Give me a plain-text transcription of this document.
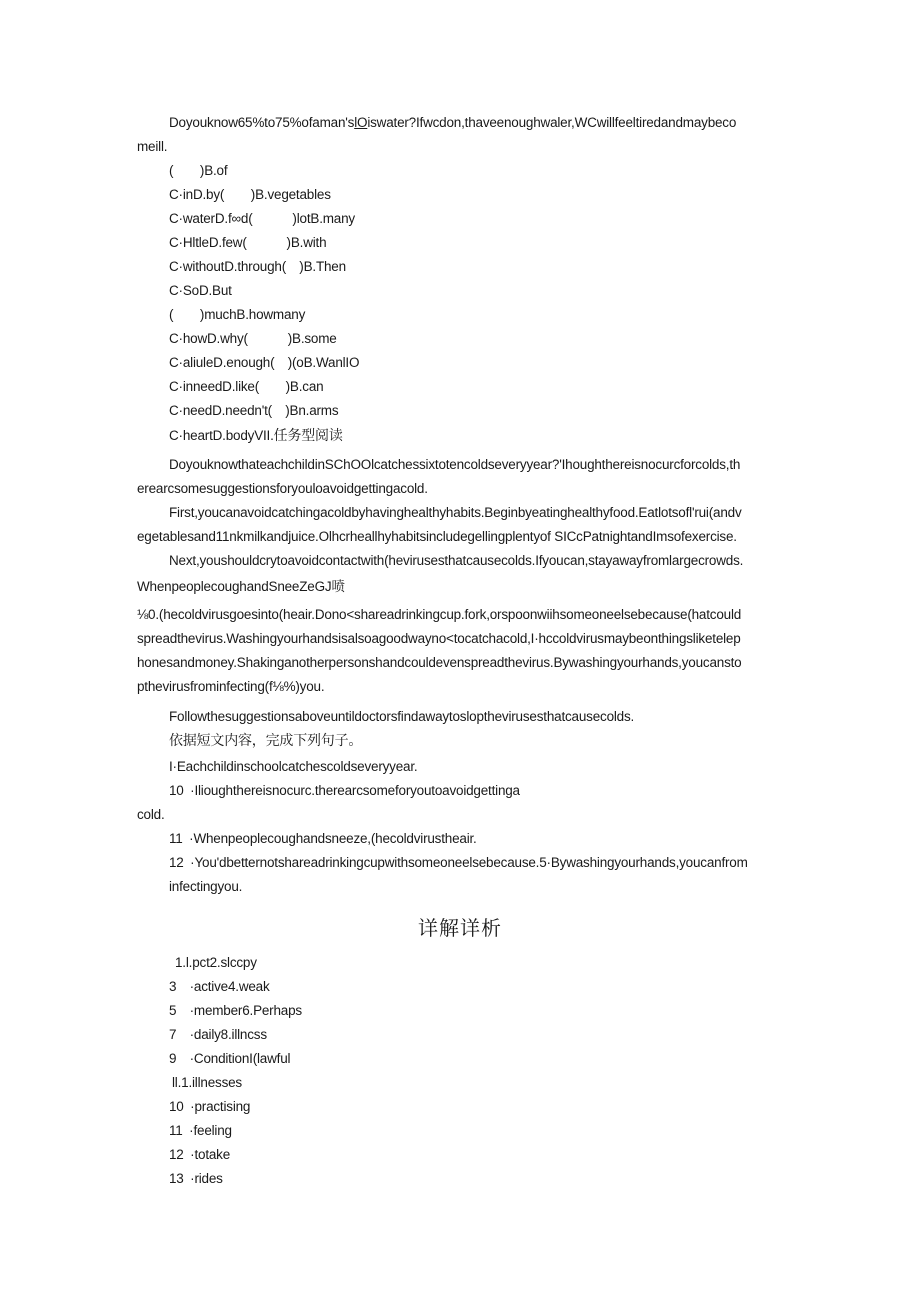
Doyouknow65%to75%ofaman'slOiswater?Ifwcdon,thaveenoughwaler,WCwillfeeltiredandmaybeco
meill.
(  )B.of
C·inD.by(  )B.vegetables
C·waterD.f∞d(   )lotB.many
C·HltleD.few(   )B.with
C·withoutD.through( )B.Then
C·SoD.But
(  )muchB.howmany
C·howD.why(   )B.some
C·aliuleD.enough( )(oB.WanlIO
C·inneedD.like(  )B.can
C·needD.needn't( )Bn.arms
C·heartD.bodyVII.任务型阅读
DoyouknowthateachchildinSChOOlcatchessixtotencoldseveryyear?'Ihoughthereisnocurcforcolds,th
erearcsomesuggestionsforyouloavoidgettingacold.
First,youcanavoidcatchingacoldbyhavinghealthyhabits.Beginbyeatinghealthyfood.Eatlotsofl'rui(andv
egetablesand11nkmilkandjuice.Olhcrheallhyhabitsincludegellingplentyof SICcPatnightandImsofexercise.
Next,youshouldcrytoavoidcontactwith(hevirusesthatcausecolds.Ifyoucan,stayawayfromlargecrowds.
WhenpeoplecoughandSneeZeGJ喷
⅛0.(hecoldvirusgoesinto(heair.Dono<shareadrinkingcup.fork,orspoonwiihsomeoneelsebecause(hatcould
spreadthevirus.Washingyourhandsisalsoagoodwayno<tocatchacold,I·hccoldvirusmaybeonthingsliketelep
honesandmoney.Shakinganotherpersonshandcouldevenspreadthevirus.Bywashingyourhands,youcansto
pthevirusfrominfecting(f⅛%)you.
Followthesuggestionsaboveuntildoctorsfindawaytoslopthevirusesthatcausecolds.
依据短文内容，完成下列句子。
I·Eachchildinschoolcatchescoldseveryyear.
10 ·Ilioughthereisnocurc.therearcsomeforyoutoavoidgettinga
cold.
11 ·Whenpeoplecoughandsneeze,(hecoldvirustheair.
12 ·You'dbetternotshareadrinkingcupwithsomeoneelsebecause.5·Bywashingyourhands,youcanfrom
infectingyou.
详解详析
1.l.pct2.slccpy
3 ·active4.weak
5 ·member6.Perhaps
7 ·daily8.illncss
9 ·ConditionI(lawful
ll.1.illnesses
10 ·practising
11 ·feeling
12 ·totake
13 ·rides
